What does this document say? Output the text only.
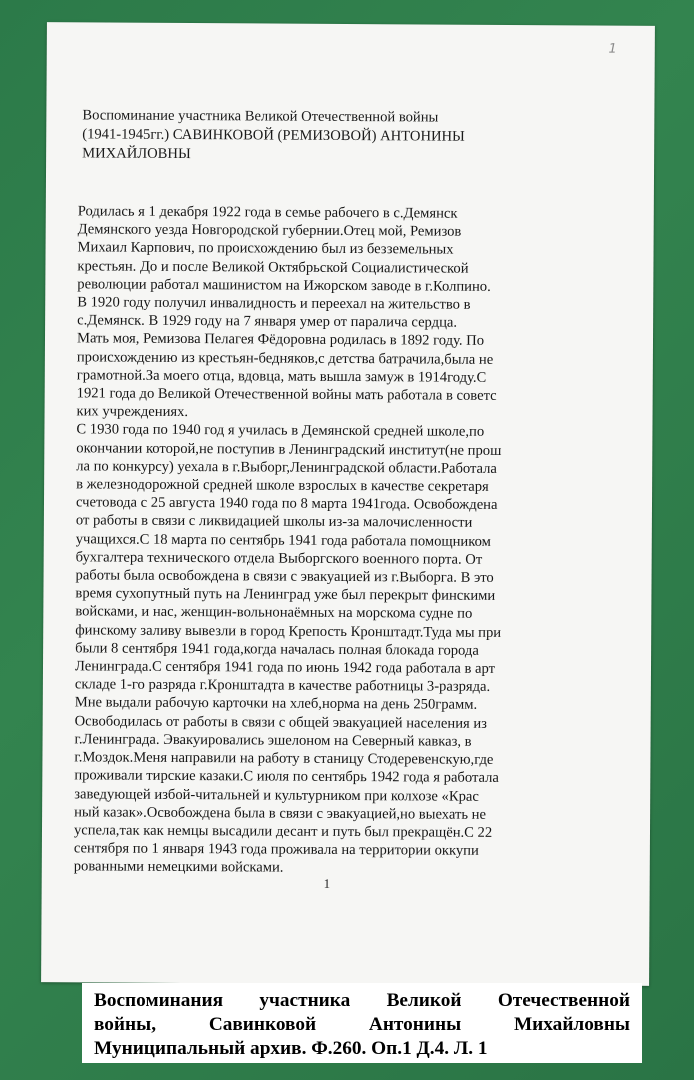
1
Воспоминание участника Великой Отечественной войны
(1941-1945гг.) САВИНКОВОЙ (РЕМИЗОВОЙ) АНТОНИНЫ
МИХАЙЛОВНЫ
Родилась я 1 декабря 1922 года в семье рабочего в с.Демянск
Демянского уезда Новгородской губернии.Отец мой, Ремизов
Михаил Карпович, по происхождению был из безземельных
крестьян. До и после Великой Октябрьской Социалистической
революции работал машинистом на Ижорском заводе в г.Колпино.
В 1920 году получил инвалидность и переехал на жительство в
с.Демянск. В 1929 году на 7 января умер от паралича сердца.
Мать моя, Ремизова Пелагея Фёдоровна родилась в 1892 году. По
происхождению из крестьян-бедняков,с детства батрачила,была не
грамотной.За моего отца, вдовца, мать вышла замуж в 1914году.С
1921 года до Великой Отечественной войны мать работала в советс
ких учреждениях.
С 1930 года по 1940 год я училась в Демянской средней школе,по
окончании которой,не поступив в Ленинградский институт(не прош
ла по конкурсу) уехала в г.Выборг,Ленинградской области.Работала
в железнодорожной средней школе взрослых в качестве секретаря
счетовода с 25 августа 1940 года по 8 марта 1941года. Освобождена
от работы в связи с ликвидацией школы из-за малочисленности
учащихся.С 18 марта по сентябрь 1941 года работала помощником
бухгалтера технического отдела Выборгского военного порта. От
работы была освобождена в связи с эвакуацией из г.Выборга. В это
время сухопутный путь на Ленинград уже был перекрыт финскими
войсками, и нас, женщин-вольнонаёмных на морскома судне по
финскому заливу вывезли в город Крепость Кронштадт.Туда мы при
были 8 сентября 1941 года,когда началась полная блокада города
Ленинграда.С сентября 1941 года по июнь 1942 года работала в арт
складе 1-го разряда г.Кронштадта в качестве работницы 3-разряда.
Мне выдали рабочую карточки на хлеб,норма на день 250грамм.
Освободилась от работы в связи с общей эвакуацией населения из
г.Ленинграда. Эвакуировались эшелоном на Северный кавказ, в
г.Моздок.Меня направили на работу в станицу Стодеревенскую,где
проживали тирские казаки.С июля по сентябрь 1942 года я работала
заведующей избой-читальней и культурником при колхозе «Крас
ный казак».Освобождена была в связи с эвакуацией,но выехать не
успела,так как немцы высадили десант и путь был прекращён.С 22
сентября по 1 января 1943 года проживала на территории оккупи
рованными немецкими войсками.
1
Воспоминания участника Великой Отечественной
войны,	Савинковой	Антонины	Михайловны
Муниципальный архив. Ф.260. Оп.1 Д.4. Л. 1
